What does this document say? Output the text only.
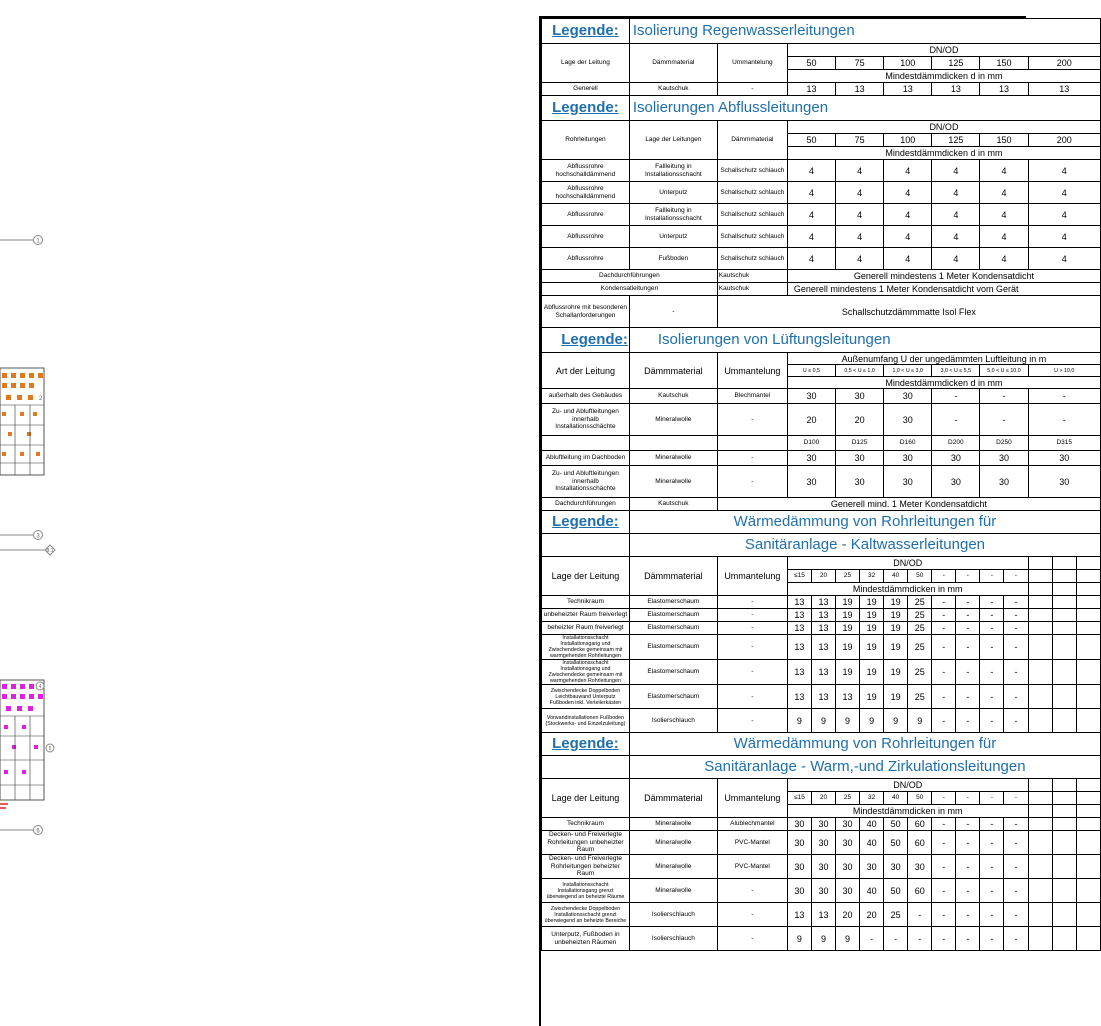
1
2
3
8.1
4
5
6
Legende:	Isolierung Regenwasserleitungen														
Lage der Leitung	Dämmmaterial	Ummantelung	DN/OD												
			50		75		100		125		150		200		
			Mindestdämmdicken d in mm												
Generell	Kautschuk	-	13		13		13		13		13		13		
Legende:	Isolierungen Abflussleitungen														
Rohrleitungen	Lage der Leitungen	Dämmmaterial	DN/OD												
			50		75		100		125		150		200		
			Mindestdämmdicken d in mm												
Abflussrohre hochschalldämmend	Fallleitung in Installationsschacht	Schallschutz schlauch	4		4		4		4		4		4		
Abflussrohre hochschalldämmend	Unterputz	Schallschutz schlauch	4		4		4		4		4		4		
Abflussrohre	Fallleitung in Installationsschacht	Schallschutz schlauch	4		4		4		4		4		4		
Abflussrohre	Unterputz	Schallschutz schlauch	4		4		4		4		4		4		
Abflussrohre	Fußboden	Schallschutz schlauch	4		4		4		4		4		4		
Dachdurchführungen		Kautschuk	Generell mindestens 1 Meter Kondensatdicht												
Kondensatleitungen		Kautschuk	Generell mindestens 1 Meter Kondensatdicht vom Gerät												
Abflussrohre mit besonderen Schallanforderungen	-	Schallschutzdämmmatte Isol Flex													
Legende:	Isolierungen von Lüftungsleitungen														
Art der Leitung	Dämmmaterial	Ummantelung	Außenumfang U der ungedämmten Luftleitung in m												
			U ≤ 0,5		0,5 < U ≤ 1,0		1,0 < U ≤ 3,0		3,0 < U ≤ 5,5		5,0 < U ≤ 10,0		U > 10,0		
			Mindestdämmdicken d in mm												
außerhalb des Gebäudes	Kautschuk	Blechmantel	30		30		30		-		-		-		
Zu- und Abluftleitungen innerhalb Installationsschächte	Mineralwolle	-	20		20		30		-		-		-		
			D100		D125		D160		D200		D250		D315		
Abluftleitung im Dachboden	Mineralwolle	-	30		30		30		30		30		30		
Zu- und Abluftleitungen innerhalb Installationsschächte	Mineralwolle	-	30		30		30		30		30		30		
Dachdurchführungen	Kautschuk	Generell mind. 1 Meter Kondensatdicht													
Legende:	Wärmedämmung von Rohrleitungen für														
	Sanitäranlage - Kaltwasserleitungen														
Lage der Leitung	Dämmmaterial	Ummantelung	DN/OD												
			≤15	20	25	32	40	50	-	-	-	-			
			Mindestdämmdicken in mm												
Technikraum	Elastomerschaum	-	13	13	19	19	19	25	-	-	-	-			
unbeheizter Raum freiverlegt	Elastomerschaum	-	13	13	19	19	19	25	-	-	-	-			
beheizter Raum freiverlegt	Elastomerschaum	-	13	13	19	19	19	25	-	-	-	-			
Installationsschacht Installationsgang und Zwischendecke gemeinsam mit warmgehenden Rohrleitungen	Elastomerschaum	-	13	13	19	19	19	25	-	-	-	-			
Installationsschacht Installationsgang und Zwischendecke gemeinsam mit warmgehenden Rohrleitungen	Elastomerschaum	-	13	13	19	19	19	25	-	-	-	-			
Zwischendecke Doppelboden Leichtbauwand Unterputz Fußboden inkl. Verteilerkästen	Elastomerschaum	-	13	13	13	19	19	25	-	-	-	-			
Vorwandinstallationen Fußboden (Stockwerks- und Einzelzuleitung)	Isolierschlauch	-	9	9	9	9	9	9	-	-	-	-			
Legende:	Wärmedämmung von Rohrleitungen für														
	Sanitäranlage - Warm,-und Zirkulationsleitungen														
Lage der Leitung	Dämmmaterial	Ummantelung	DN/OD												
			≤15	20	25	32	40	50	-	-	-	-			
			Mindestdämmdicken in mm												
Technikraum	Mineralwolle	Alublechmantel	30	30	30	40	50	60	-	-	-	-			
Decken- und Freiverlegte Rohrleitungen unbeheizter Raum	Mineralwolle	PVC-Mantel	30	30	30	40	50	60	-	-	-	-			
Decken- und Freiverlegte Rohrleitungen beheizter Raum	Mineralwolle	PVC-Mantel	30	30	30	30	30	30	-	-	-	-			
Installationsschacht Installationsgang grenzt überwiegend an beheizte Räume	Mineralwolle	-	30	30	30	40	50	60	-	-	-	-			
Zwischendecke Doppelboden Installationsschacht grenzt überwiegend an beheizte Bereiche	Isolierschlauch	-	13	13	20	20	25	-	-	-	-	-			
Unterputz, Fußboden in unbeheizten Räumen	Isolierschlauch	-	9	9	9	-	-	-	-	-	-	-			
